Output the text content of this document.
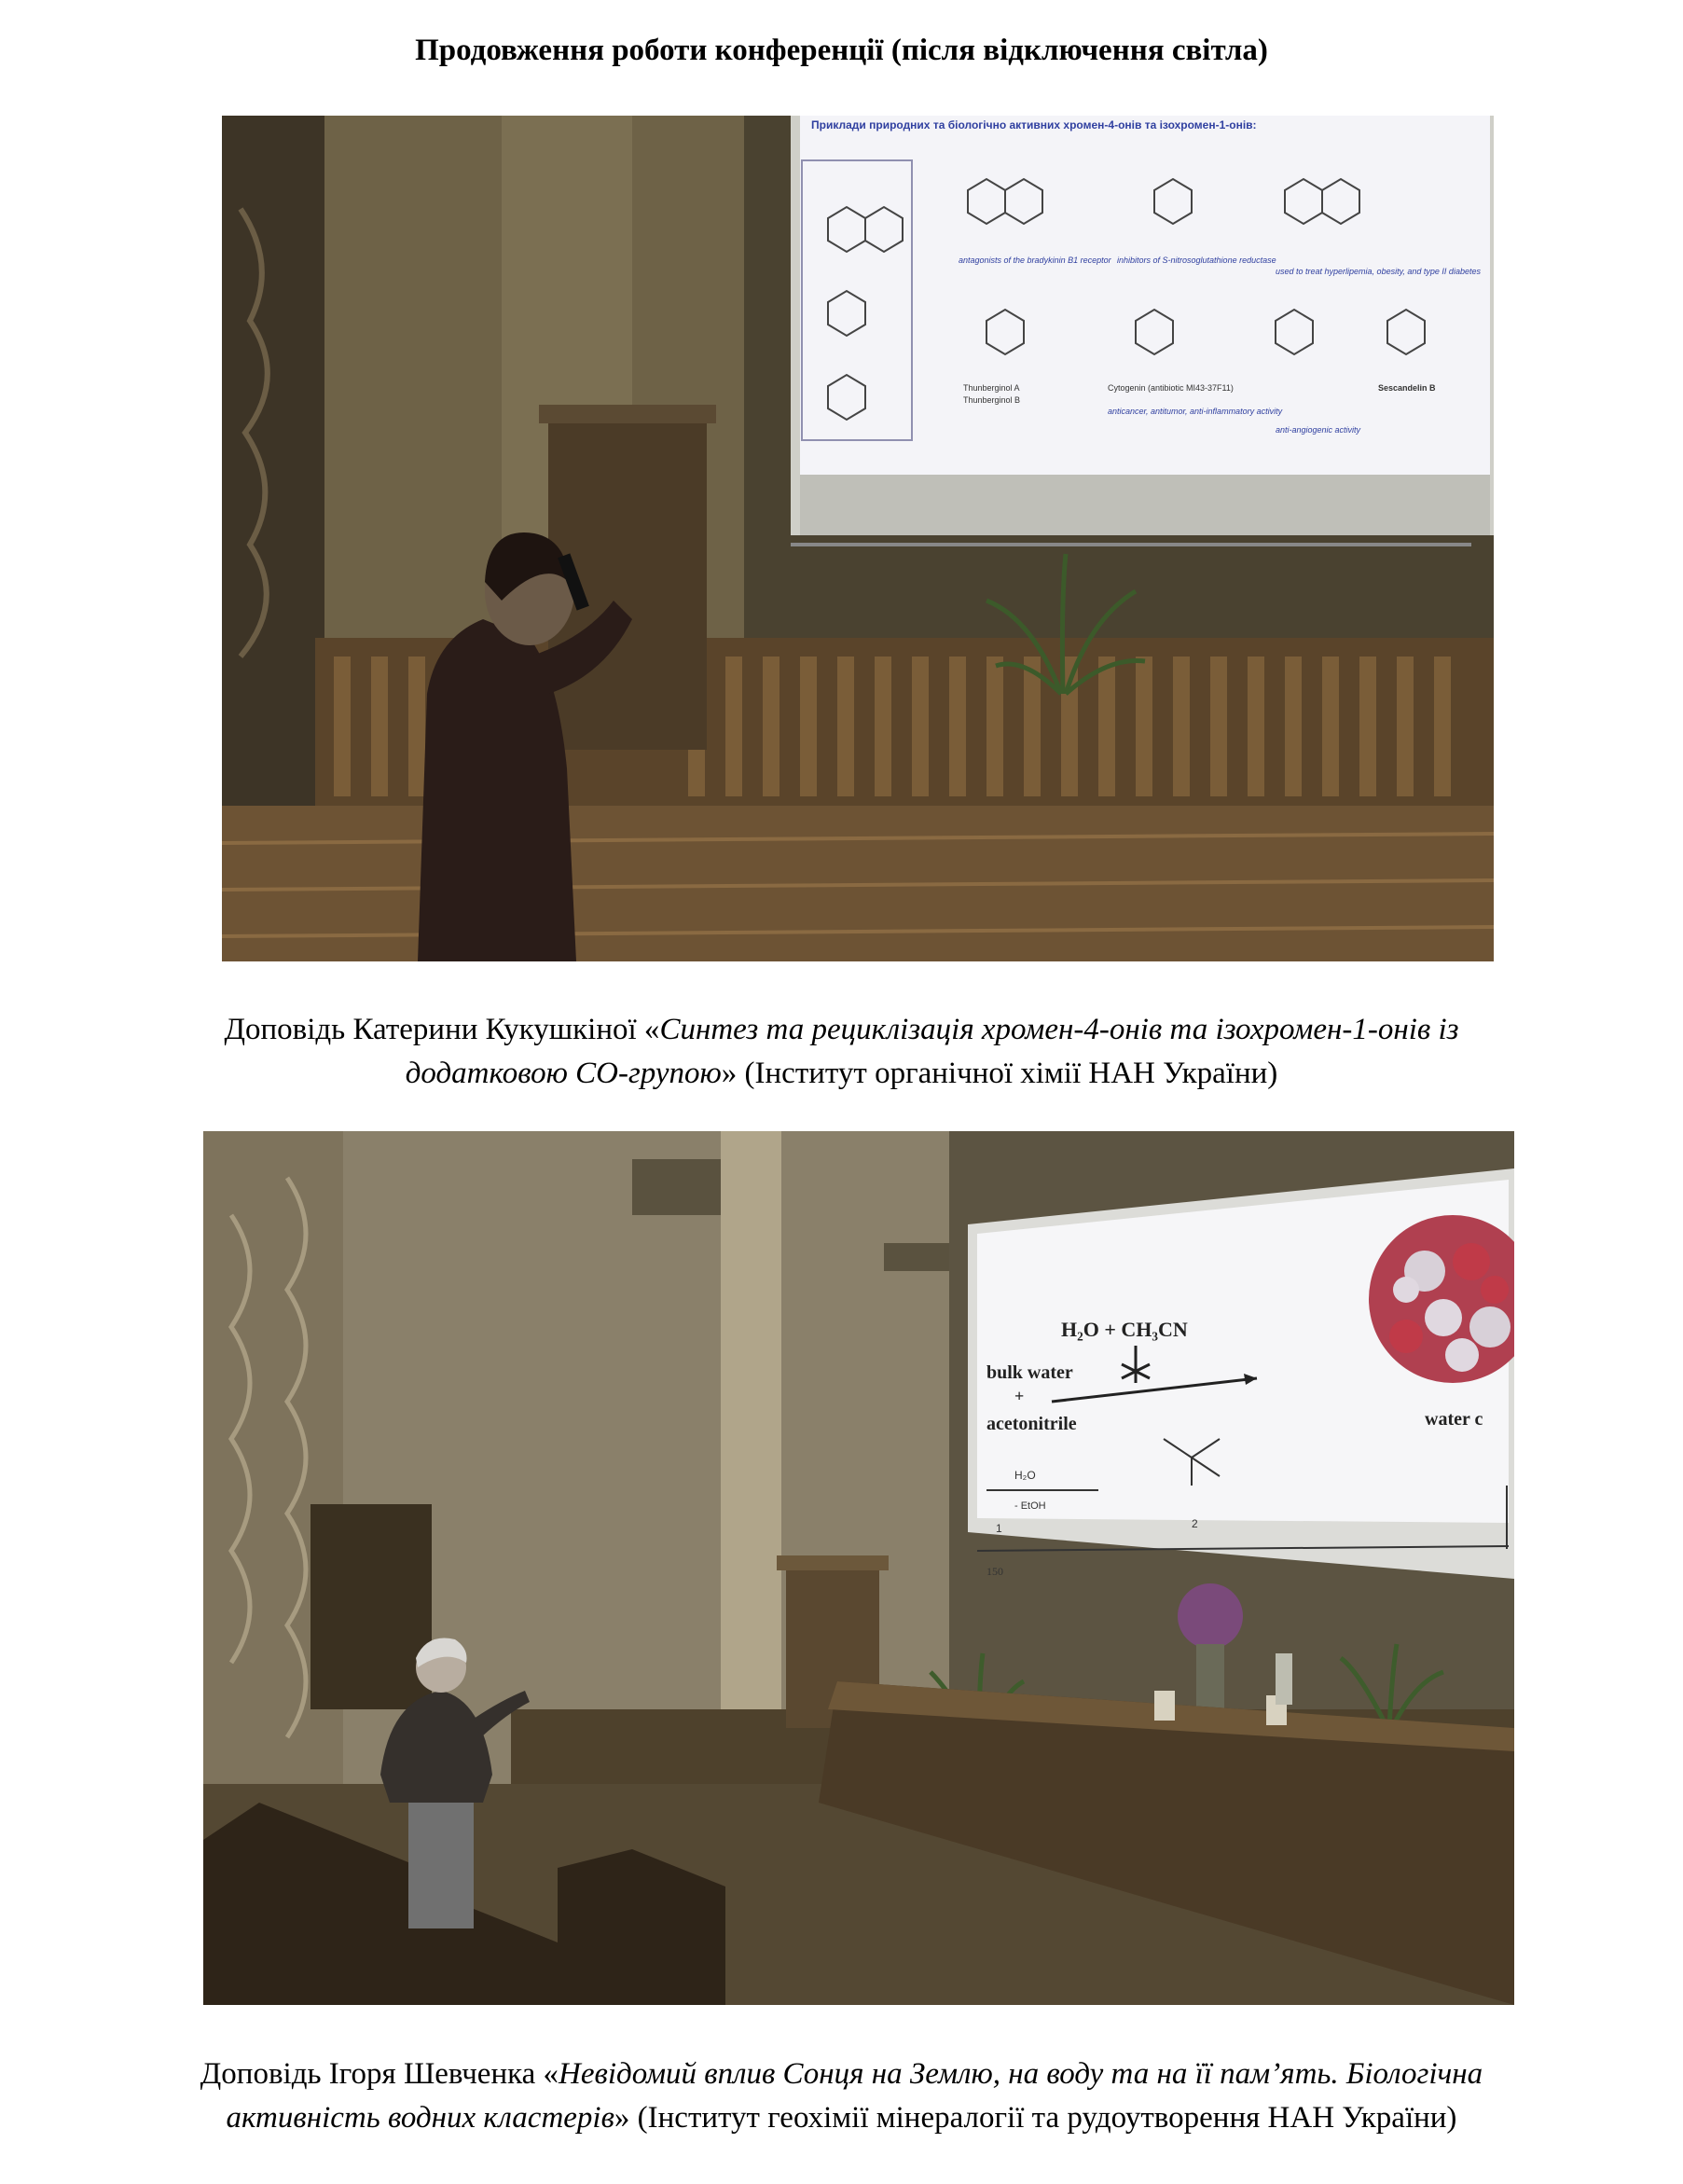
Продовження роботи конференції (після відключення світла)
Приклади природних та біологічно активних хромен-4-онів та ізохромен-1-онів:
antagonists of the bradykinin B1 receptor inhibitors of S-nitrosoglutathione reductase
used to treat hyperlipemia, obesity, and type II diabetes
Thunberginol A
Thunberginol B
Cytogenin (antibiotic MI43-37F11)
anticancer, antitumor, anti-inflammatory activity
Sescandelin B
anti-angiogenic activity
Доповідь Катерини Кукушкіної «Синтез та рециклізація хромен-4-онів та ізохромен-1-онів із
додатковою СО-групою» (Інститут органічної хімії НАН України)
H₂O + CH₃CN
bulk water
+
acetonitrile	water c
H₂O
- EtOH
1	2
150
Доповідь Ігоря Шевченка «Невідомий вплив Сонця на Землю, на воду та на її пам’ять. Біологічна
активність водних кластерів» (Інститут геохімії мінералогії та рудоутворення НАН України)
